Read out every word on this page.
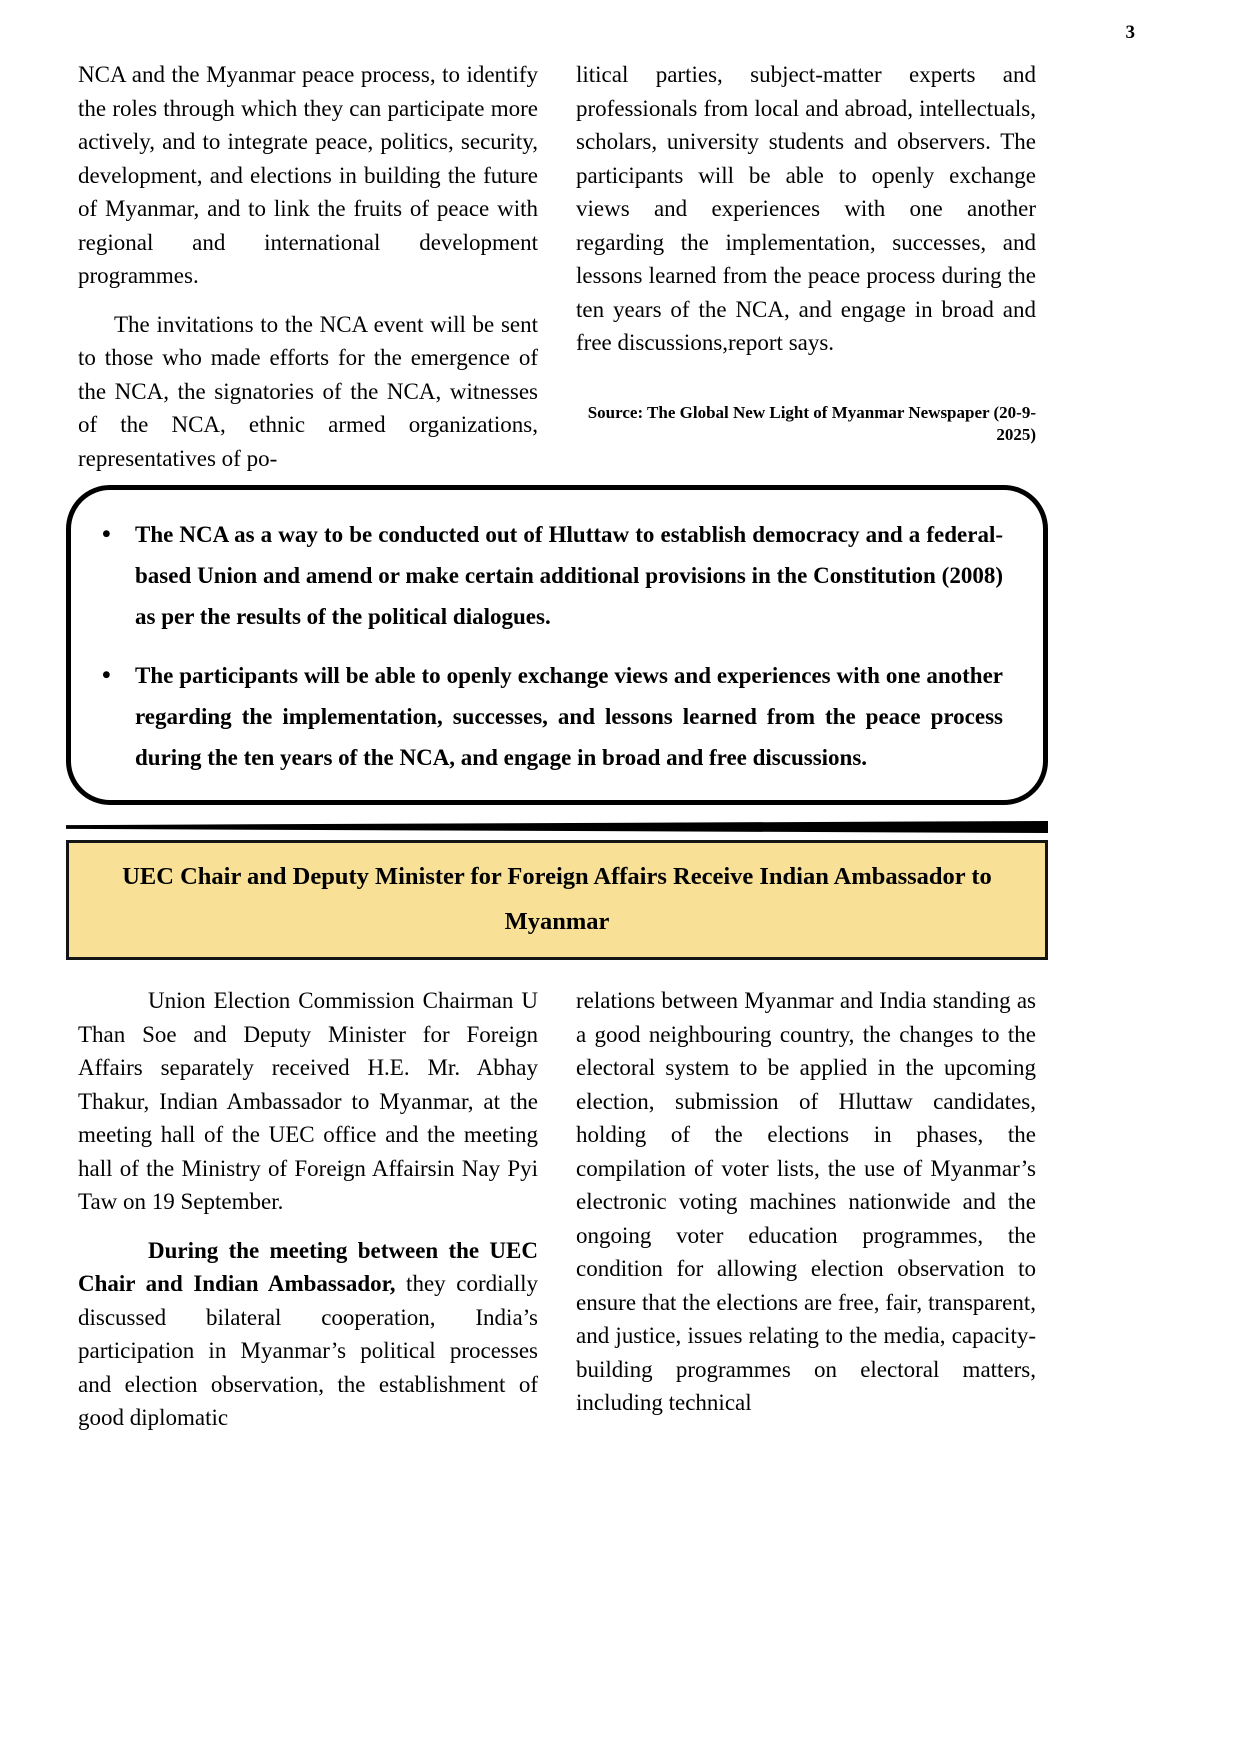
3

NCA and the Myanmar peace process, to identify the roles through which they can participate more actively, and to integrate peace, politics, security, development, and elections in building the future of Myanmar, and to link the fruits of peace with regional and international development programmes.

The invitations to the NCA event will be sent to those who made efforts for the emergence of the NCA, the signatories of the NCA, witnesses of the NCA, ethnic armed organizations, representatives of po-

litical parties, subject-matter experts and professionals from local and abroad, intellectuals, scholars, university students and observers. The participants will be able to openly exchange views and experiences with one another regarding the implementation, successes, and lessons learned from the peace process during the ten years of the NCA, and engage in broad and free discussions,report says.

Source: The Global New Light of Myanmar Newspaper (20-9-2025)

• The NCA as a way to be conducted out of Hluttaw to establish democracy and a federal-based Union and amend or make certain additional provisions in the Constitution (2008) as per the results of the political dialogues.
• The participants will be able to openly exchange views and experiences with one another regarding the implementation, successes, and lessons learned from the peace process during the ten years of the NCA, and engage in broad and free discussions.

UEC Chair and Deputy Minister for Foreign Affairs Receive Indian Ambassador to Myanmar

Union Election Commission Chairman U Than Soe and Deputy Minister for Foreign Affairs separately received H.E. Mr. Abhay Thakur, Indian Ambassador to Myanmar, at the meeting hall of the UEC office and the meeting hall of the Ministry of Foreign Affairsin Nay Pyi Taw on 19 September.

During the meeting between the UEC Chair and Indian Ambassador, they cordially discussed bilateral cooperation, India’s participation in Myanmar’s political processes and election observation, the establishment of good diplomatic

relations between Myanmar and India standing as a good neighbouring country, the changes to the electoral system to be applied in the upcoming election, submission of Hluttaw candidates, holding of the elections in phases, the compilation of voter lists, the use of Myanmar’s electronic voting machines nationwide and the ongoing voter education programmes, the condition for allowing election observation to ensure that the elections are free, fair, transparent, and justice, issues relating to the media, capacity-building programmes on electoral matters, including technical
